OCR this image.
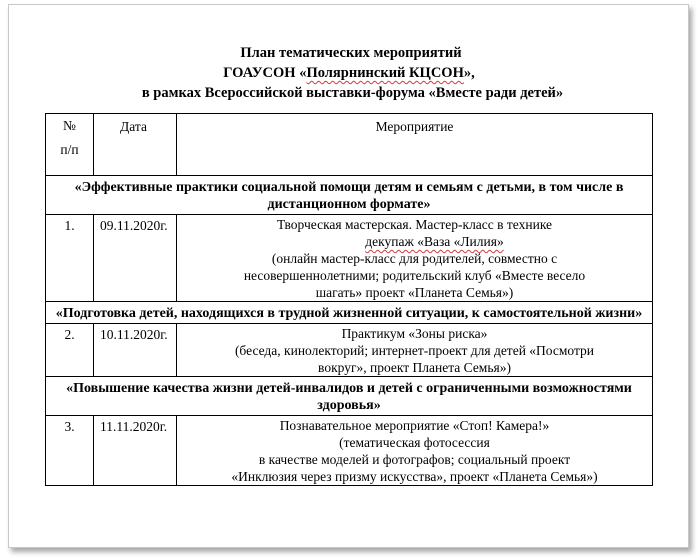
План тематических мероприятий
ГОАУСОН «Полярнинский КЦСОН»,
в рамках Всероссийской выставки-форума «Вместе ради детей»
№
п/п	Дата	Мероприятие
«Эффективные практики социальной помощи детям и семьям с детьми, в том числе в дистанционном формате»		
1.	09.11.2020г.	Творческая мастерская. Мастер-класс в технике
декупаж «Ваза «Лилия»
(онлайн мастер-класс для родителей, совместно с
несовершеннолетними; родительский клуб «Вместе весело
шагать» проект «Планета Семья»)

«Подготовка детей, находящихся в трудной жизненной ситуации, к самостоятельной жизни»		
2.	10.11.2020г.	Практикум «Зоны риска»
(беседа, кинолекторий; интернет-проект для детей «Посмотри
вокруг», проект Планета Семья»)

«Повышение качества жизни детей-инвалидов и детей с ограниченными возможностями здоровья»		
3.	11.11.2020г.	Познавательное мероприятие «Стоп! Камера!»
(тематическая фотосессия
в качестве моделей и фотографов; социальный проект
«Инклюзия через призму искусства», проект «Планета Семья»)
